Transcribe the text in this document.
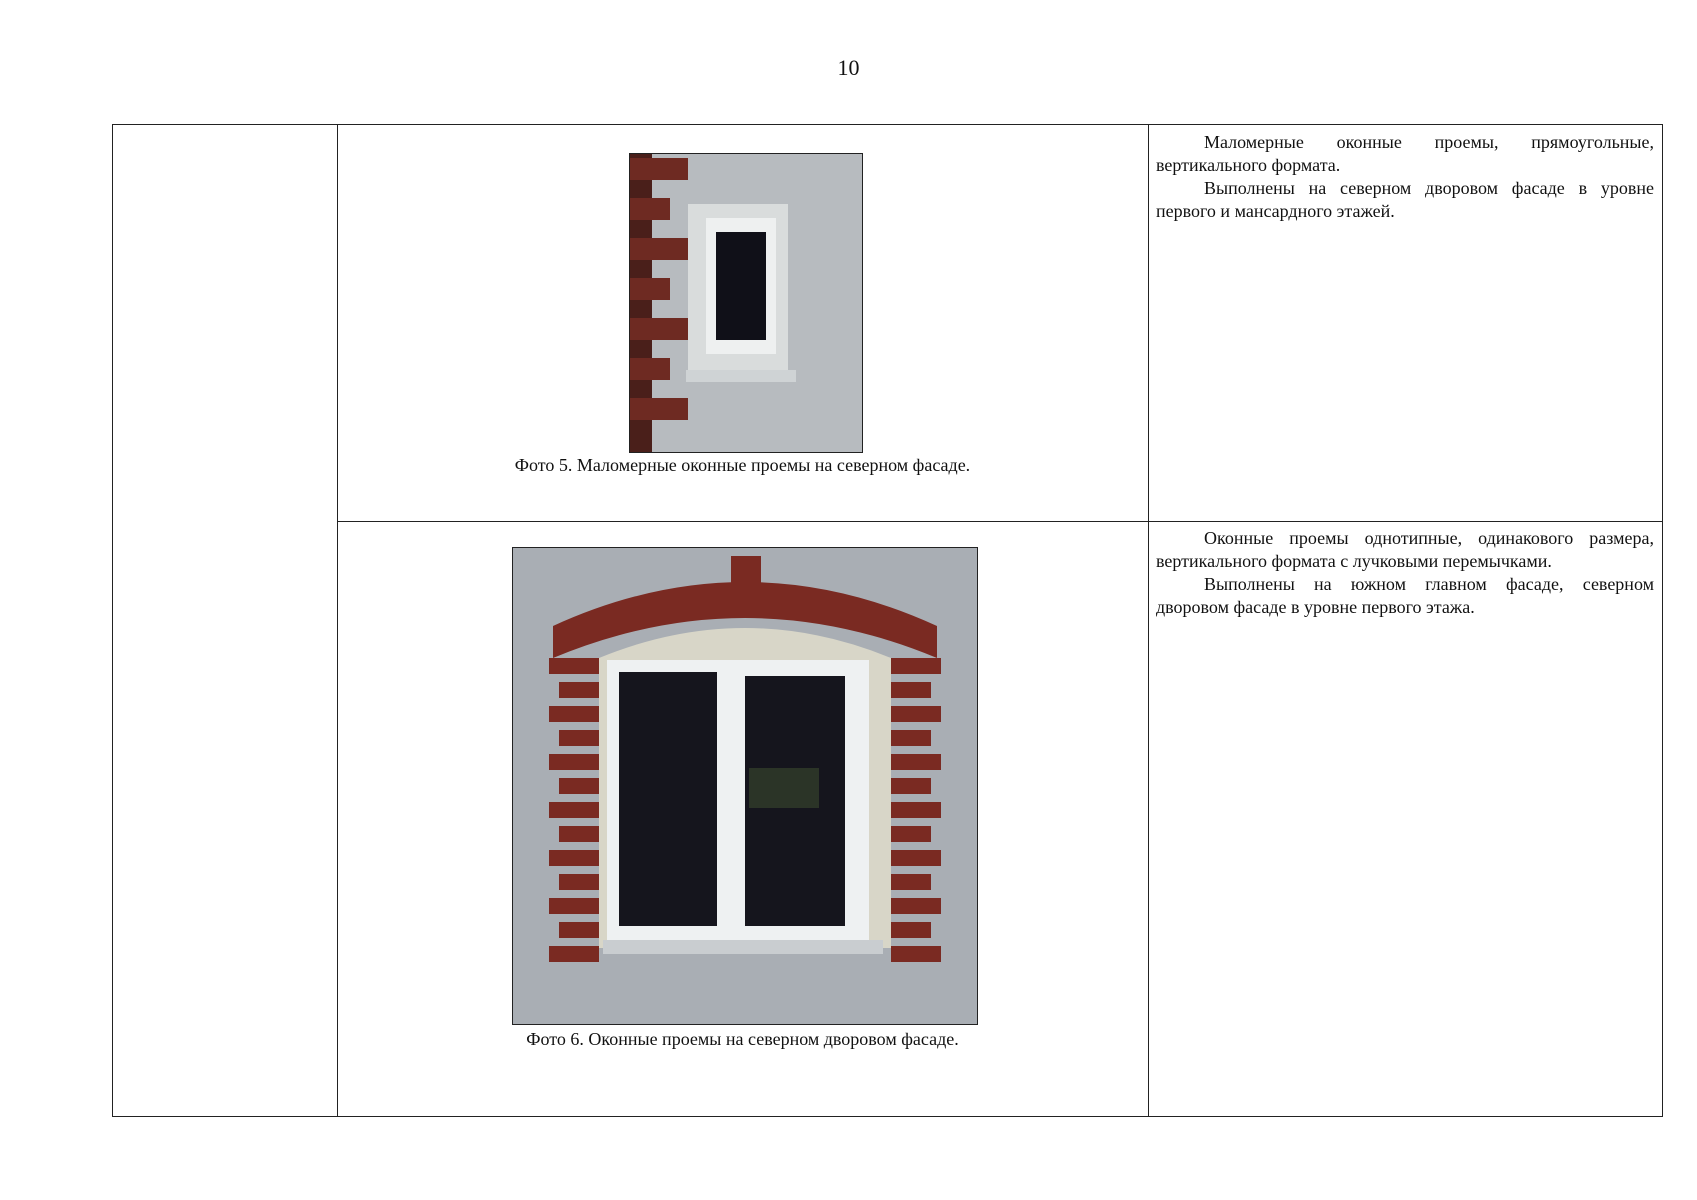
10
Фото 5. Маломерные оконные проемы на северном фасаде.

Маломерные оконные проемы, прямоугольные, вертикального формата.

Выполнены на северном дворовом фасаде в уровне первого и мансардного этажей.

Фото 6. Оконные проемы на северном дворовом фасаде.

Оконные проемы однотипные, одинакового размера, вертикального формата с лучковыми перемычками.

Выполнены на южном главном фасаде, северном дворовом фасаде в уровне первого этажа.
